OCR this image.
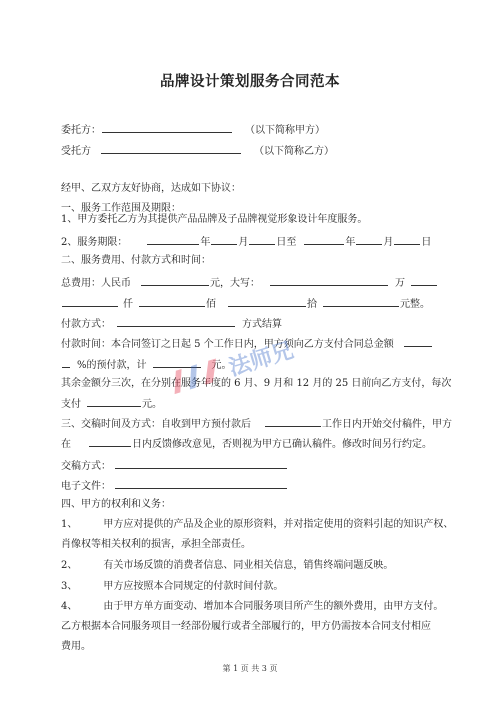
品牌设计策划服务合同范本
委托方：	（以下简称甲方）
受托方	（以下简称乙方）
经甲、乙双方友好协商，达成如下协议：
一、服务工作范围及期限：
1、甲方委托乙方为其提供产品品牌及子品牌视觉形象设计年度服务。
2、服务期限：	年	月	日至	年	月	日
二、服务费用、付款方式和时间：
总费用：人民币	元，大写：	万
仟	佰	拾	元整。
付款方式：	方式结算
付款时间：本合同签订之日起 5 个工作日内，甲方须向乙方支付合同总金额
%的预付款，计	元。
其余金额分三次，在分别在服务年度的 6 月、9 月和 12 月的 25 日前向乙方支付，每次
支付	元。
三、交稿时间及方式：自收到甲方预付款后	工作日内开始交付稿件，甲方
在	日内反馈修改意见，否则视为甲方已确认稿件。修改时间另行约定。
交稿方式：
电子文件：
四、甲方的权利和义务：
1、	甲方应对提供的产品及企业的原形资料，并对指定使用的资料引起的知识产权、
肖像权等相关权利的损害，承担全部责任。
2、	有关市场反馈的消费者信息、同业相关信息，销售终端问题反映。
3、	甲方应按照本合同规定的付款时间付款。
4、	由于甲方单方面变动、增加本合同服务项目所产生的额外费用，由甲方支付。
乙方根据本合同服务项目一经部份履行或者全部履行的，甲方仍需按本合同支付相应
费用。
法师兄
第 1 页 共 3 页
